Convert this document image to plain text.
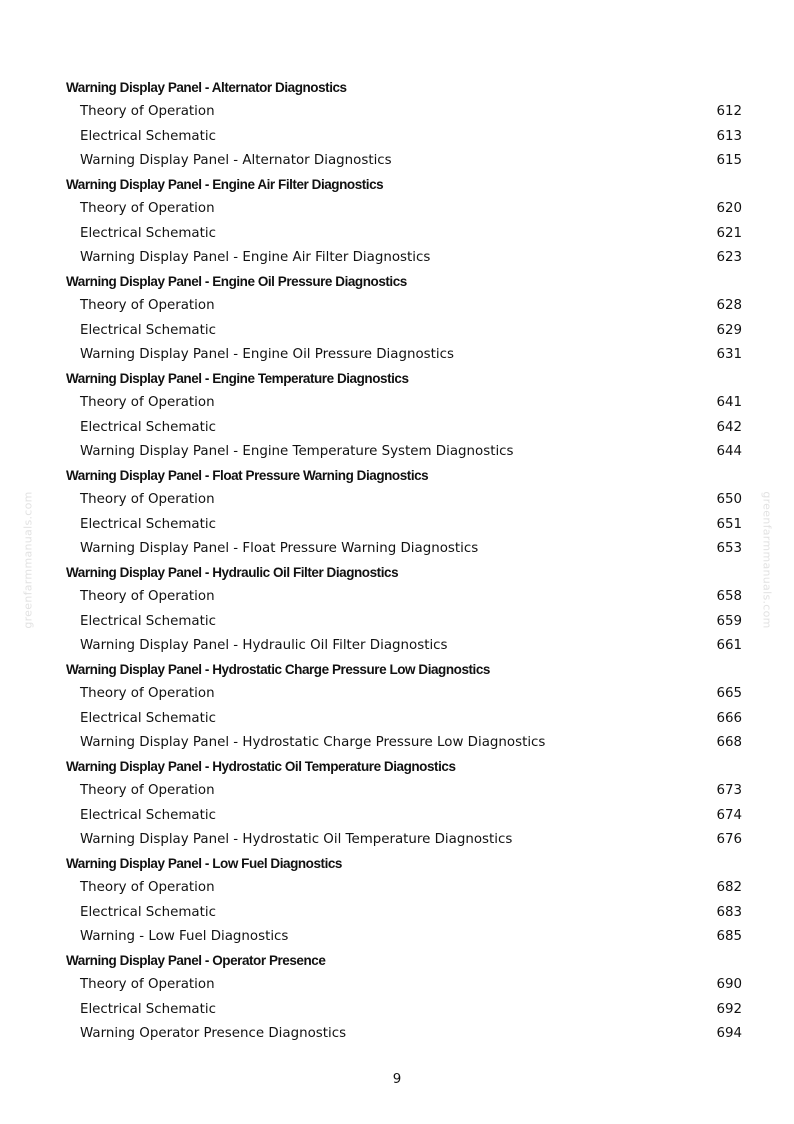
greenfarmmanuals.com	greenfarmmanuals.com
Warning Display Panel - Alternator Diagnostics
Theory of Operation	612
Electrical Schematic	613
Warning Display Panel - Alternator Diagnostics	615
Warning Display Panel - Engine Air Filter Diagnostics
Theory of Operation	620
Electrical Schematic	621
Warning Display Panel - Engine Air Filter Diagnostics	623
Warning Display Panel - Engine Oil Pressure Diagnostics
Theory of Operation	628
Electrical Schematic	629
Warning Display Panel - Engine Oil Pressure Diagnostics	631
Warning Display Panel - Engine Temperature Diagnostics
Theory of Operation	641
Electrical Schematic	642
Warning Display Panel - Engine Temperature System Diagnostics	644
Warning Display Panel - Float Pressure Warning Diagnostics
Theory of Operation	650
Electrical Schematic	651
Warning Display Panel - Float Pressure Warning Diagnostics	653
Warning Display Panel - Hydraulic Oil Filter Diagnostics
Theory of Operation	658
Electrical Schematic	659
Warning Display Panel - Hydraulic Oil Filter Diagnostics	661
Warning Display Panel - Hydrostatic Charge Pressure Low Diagnostics
Theory of Operation	665
Electrical Schematic	666
Warning Display Panel - Hydrostatic Charge Pressure Low Diagnostics	668
Warning Display Panel - Hydrostatic Oil Temperature Diagnostics
Theory of Operation	673
Electrical Schematic	674
Warning Display Panel - Hydrostatic Oil Temperature Diagnostics	676
Warning Display Panel - Low Fuel Diagnostics
Theory of Operation	682
Electrical Schematic	683
Warning - Low Fuel Diagnostics	685
Warning Display Panel - Operator Presence
Theory of Operation	690
Electrical Schematic	692
Warning Operator Presence Diagnostics	694
9
